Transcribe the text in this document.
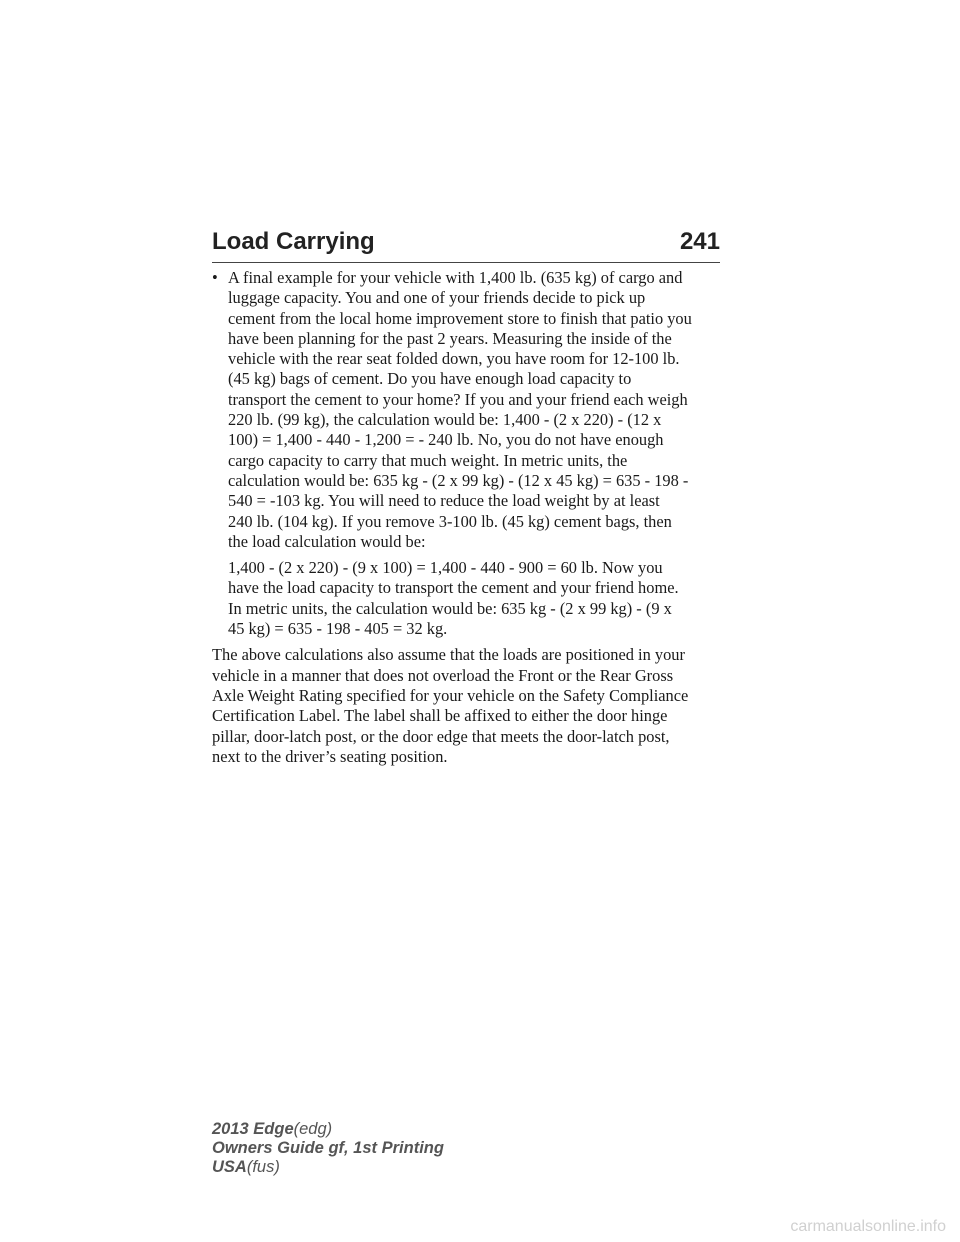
Load Carrying	241
• A final example for your vehicle with 1,400 lb. (635 kg) of cargo and
luggage capacity. You and one of your friends decide to pick up
cement from the local home improvement store to finish that patio you
have been planning for the past 2 years. Measuring the inside of the
vehicle with the rear seat folded down, you have room for 12-100 lb.
(45 kg) bags of cement. Do you have enough load capacity to
transport the cement to your home? If you and your friend each weigh
220 lb. (99 kg), the calculation would be: 1,400 - (2 x 220) - (12 x
100) = 1,400 - 440 - 1,200 = - 240 lb. No, you do not have enough
cargo capacity to carry that much weight. In metric units, the
calculation would be: 635 kg - (2 x 99 kg) - (12 x 45 kg) = 635 - 198 -
540 = -103 kg. You will need to reduce the load weight by at least
240 lb. (104 kg). If you remove 3-100 lb. (45 kg) cement bags, then
the load calculation would be:
1,400 - (2 x 220) - (9 x 100) = 1,400 - 440 - 900 = 60 lb. Now you
have the load capacity to transport the cement and your friend home.
In metric units, the calculation would be: 635 kg - (2 x 99 kg) - (9 x
45 kg) = 635 - 198 - 405 = 32 kg.
The above calculations also assume that the loads are positioned in your
vehicle in a manner that does not overload the Front or the Rear Gross
Axle Weight Rating specified for your vehicle on the Safety Compliance
Certification Label. The label shall be affixed to either the door hinge
pillar, door-latch post, or the door edge that meets the door-latch post,
next to the driver’s seating position.
2013 Edge(edg)
Owners Guide gf, 1st Printing
USA(fus)
carmanualsonline.info
